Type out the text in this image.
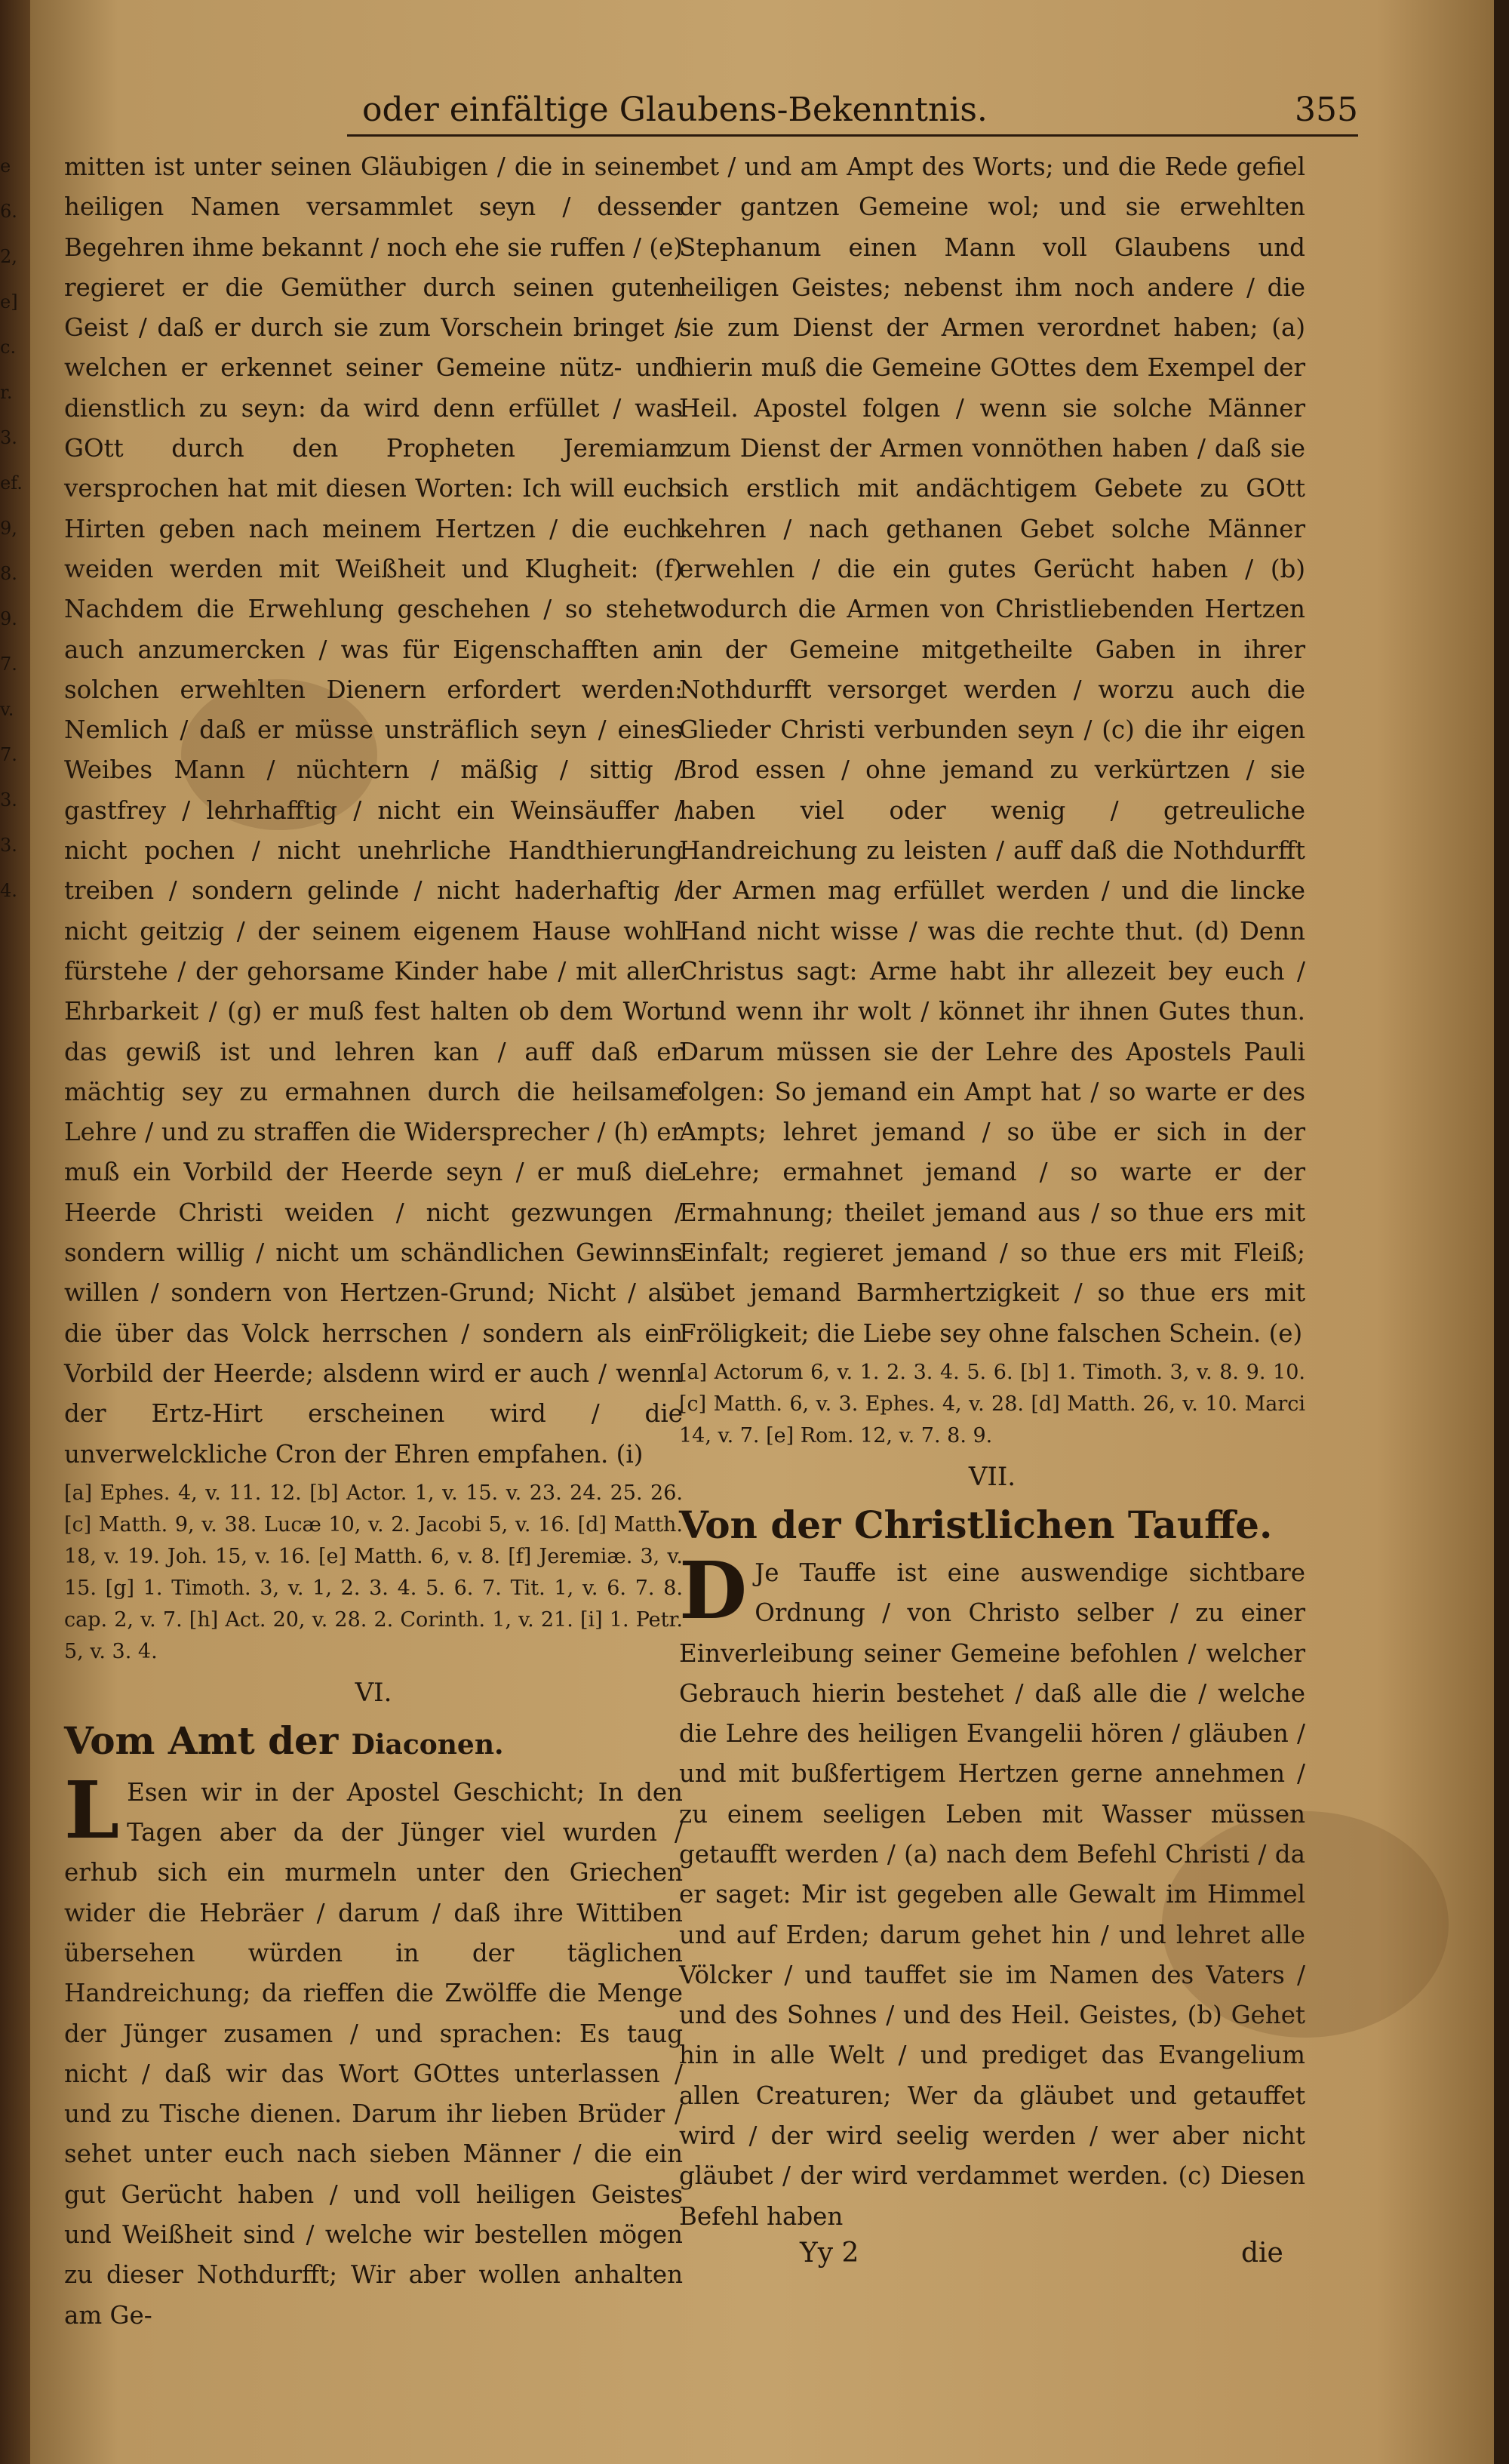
e
6.
2,
e]
c.
r.
3.
ef.
9,
8.
9.
7.
v.
7.
3.
3.
4.
oder einfältige Glaubens-Bekenntnis.	355

mitten ist unter seinen Gläubigen / die in seinem heiligen Namen versammlet seyn / dessen Begehren ihme bekannt / noch ehe sie ruffen / (e) regieret er die Gemüther durch seinen guten Geist / daß er durch sie zum Vorschein bringet / welchen er erkennet seiner Gemeine nütz- und dienstlich zu seyn: da wird denn erfüllet / was GOtt durch den Propheten Jeremiam versprochen hat mit diesen Worten: Ich will euch Hirten geben nach meinem Hertzen / die euch weiden werden mit Weißheit und Klugheit: (f) Nachdem die Erwehlung geschehen / so stehet auch anzumercken / was für Eigenschafften an solchen erwehlten Dienern erfordert werden: Nemlich / daß er müsse unsträflich seyn / eines Weibes Mann / nüchtern / mäßig / sittig / gastfrey / lehrhafftig / nicht ein Weinsäuffer / nicht pochen / nicht unehrliche Handthierung treiben / sondern gelinde / nicht haderhaftig / nicht geitzig / der seinem eigenem Hause wohl fürstehe / der gehorsame Kinder habe / mit aller Ehrbarkeit / (g) er muß fest halten ob dem Wort das gewiß ist und lehren kan / auff daß er mächtig sey zu ermahnen durch die heilsame Lehre / und zu straffen die Widersprecher / (h) er muß ein Vorbild der Heerde seyn / er muß die Heerde Christi weiden / nicht gezwungen / sondern willig / nicht um schändlichen Gewinns willen / sondern von Hertzen-Grund; Nicht / als die über das Volck herrschen / sondern als ein Vorbild der Heerde; alsdenn wird er auch / wenn der Ertz-Hirt erscheinen wird / die unverwelckliche Cron der Ehren empfahen. (i)

[a] Ephes. 4, v. 11. 12. [b] Actor. 1, v. 15. v. 23. 24. 25. 26. [c] Matth. 9, v. 38. Lucæ 10, v. 2. Jacobi 5, v. 16. [d] Matth. 18, v. 19. Joh. 15, v. 16. [e] Matth. 6, v. 8. [f] Jeremiæ. 3, v. 15. [g] 1. Timoth. 3, v. 1, 2. 3. 4. 5. 6. 7. Tit. 1, v. 6. 7. 8. cap. 2, v. 7. [h] Act. 20, v. 28. 2. Corinth. 1, v. 21. [i] 1. Petr. 5, v. 3. 4.

VI.

Vom Amt der Diaconen.

L Esen wir in der Apostel Geschicht; In den Tagen aber da der Jünger viel wurden / erhub sich ein murmeln unter den Griechen wider die Hebräer / darum / daß ihre Wittiben übersehen würden in der täglichen Handreichung; da rieffen die Zwölffe die Menge der Jünger zusamen / und sprachen: Es taug nicht / daß wir das Wort GOttes unterlassen / und zu Tische dienen. Darum ihr lieben Brüder / sehet unter euch nach sieben Männer / die ein gut Gerücht haben / und voll heiligen Geistes und Weißheit sind / welche wir bestellen mögen zu dieser Nothdurfft; Wir aber wollen anhalten am Ge-

bet / und am Ampt des Worts; und die Rede gefiel der gantzen Gemeine wol; und sie erwehlten Stephanum einen Mann voll Glaubens und heiligen Geistes; nebenst ihm noch andere / die sie zum Dienst der Armen verordnet haben; (a) hierin muß die Gemeine GOttes dem Exempel der Heil. Apostel folgen / wenn sie solche Männer zum Dienst der Armen vonnöthen haben / daß sie sich erstlich mit andächtigem Gebete zu GOtt kehren / nach gethanen Gebet solche Männer erwehlen / die ein gutes Gerücht haben / (b) wodurch die Armen von Christliebenden Hertzen in der Gemeine mitgetheilte Gaben in ihrer Nothdurfft versorget werden / worzu auch die Glieder Christi verbunden seyn / (c) die ihr eigen Brod essen / ohne jemand zu verkürtzen / sie haben viel oder wenig / getreuliche Handreichung zu leisten / auff daß die Nothdurfft der Armen mag erfüllet werden / und die lincke Hand nicht wisse / was die rechte thut. (d) Denn Christus sagt: Arme habt ihr allezeit bey euch / und wenn ihr wolt / könnet ihr ihnen Gutes thun. Darum müssen sie der Lehre des Apostels Pauli folgen: So jemand ein Ampt hat / so warte er des Ampts; lehret jemand / so übe er sich in der Lehre; ermahnet jemand / so warte er der Ermahnung; theilet jemand aus / so thue ers mit Einfalt; regieret jemand / so thue ers mit Fleiß; übet jemand Barmhertzigkeit / so thue ers mit Fröligkeit; die Liebe sey ohne falschen Schein. (e)

[a] Actorum 6, v. 1. 2. 3. 4. 5. 6. [b] 1. Timoth. 3, v. 8. 9. 10. [c] Matth. 6, v. 3. Ephes. 4, v. 28. [d] Matth. 26, v. 10. Marci 14, v. 7. [e] Rom. 12, v. 7. 8. 9.

VII.

Von der Christlichen Tauffe.

D Je Tauffe ist eine auswendige sichtbare Ordnung / von Christo selber / zu einer Einverleibung seiner Gemeine befohlen / welcher Gebrauch hierin bestehet / daß alle die / welche die Lehre des heiligen Evangelii hören / gläuben / und mit bußfertigem Hertzen gerne annehmen / zu einem seeligen Leben mit Wasser müssen getaufft werden / (a) nach dem Befehl Christi / da er saget: Mir ist gegeben alle Gewalt im Himmel und auf Erden; darum gehet hin / und lehret alle Völcker / und tauffet sie im Namen des Vaters / und des Sohnes / und des Heil. Geistes, (b) Gehet hin in alle Welt / und prediget das Evangelium allen Creaturen; Wer da gläubet und getauffet wird / der wird seelig werden / wer aber nicht gläubet / der wird verdammet werden. (c) Diesen Befehl haben

Yy 2	die
